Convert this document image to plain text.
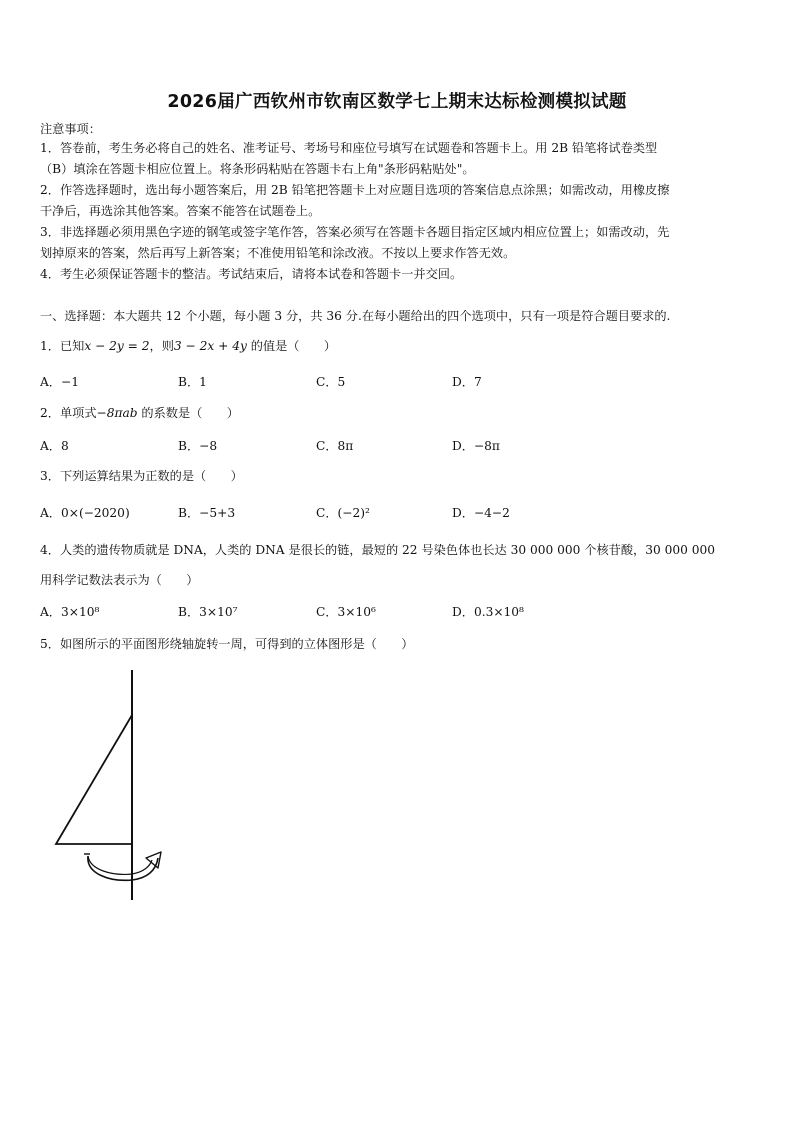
2026届广西钦州市钦南区数学七上期末达标检测模拟试题
注意事项：
1．答卷前，考生务必将自己的姓名、准考证号、考场号和座位号填写在试题卷和答题卡上。用 2B 铅笔将试卷类型
（B）填涂在答题卡相应位置上。将条形码粘贴在答题卡右上角"条形码粘贴处"。
2．作答选择题时，选出每小题答案后，用 2B 铅笔把答题卡上对应题目选项的答案信息点涂黑；如需改动，用橡皮擦
干净后，再选涂其他答案。答案不能答在试题卷上。
3．非选择题必须用黑色字迹的钢笔或签字笔作答，答案必须写在答题卡各题目指定区域内相应位置上；如需改动，先
划掉原来的答案，然后再写上新答案；不准使用铅笔和涂改液。不按以上要求作答无效。
4．考生必须保证答题卡的整洁。考试结束后，请将本试卷和答题卡一并交回。
一、选择题：本大题共 12 个小题，每小题 3 分，共 36 分.在每小题给出的四个选项中，只有一项是符合题目要求的.
1．已知x − 2y = 2，则3 − 2x + 4y 的值是（　　）
A．−1	B．1	C．5	D．7
2．单项式−8πab 的系数是（　　）
A．8	B．−8	C．8π	D．−8π
3．下列运算结果为正数的是（　　）
A．0×(−2020)	B．−5+3	C．(−2)²	D．−4−2
4．人类的遗传物质就是 DNA，人类的 DNA 是很长的链，最短的 22 号染色体也长达 30 000 000 个核苷酸，30 000 000
用科学记数法表示为（　　）
A．3×10⁸	B．3×10⁷	C．3×10⁶	D．0.3×10⁸
5．如图所示的平面图形绕轴旋转一周，可得到的立体图形是（　　）
